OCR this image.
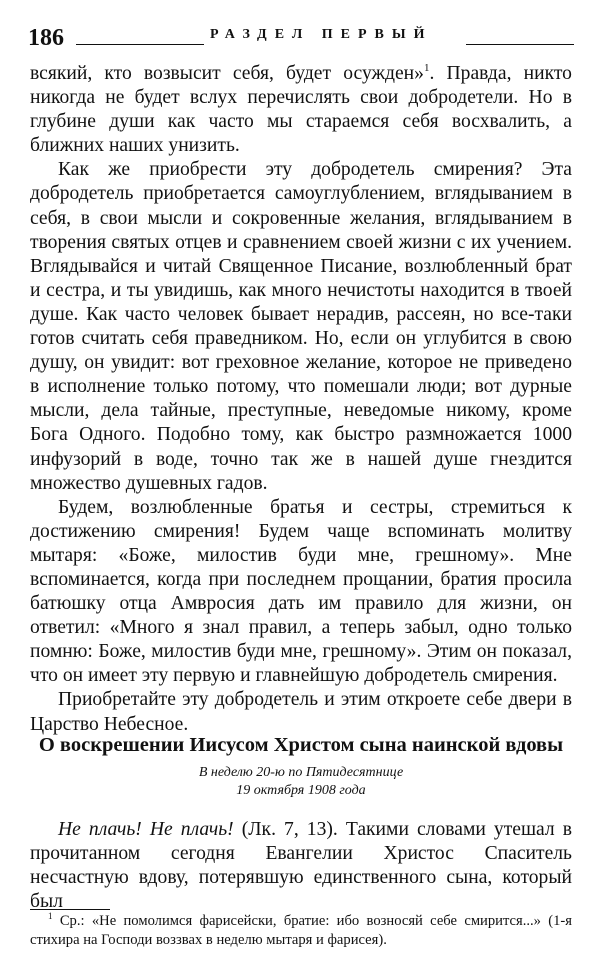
186	РАЗДЕЛ ПЕРВЫЙ

всякий, кто возвысит себя, будет осужден»$^1$. Правда, никто никогда не будет вслух перечислять свои добродетели. Но в глубине души как часто мы стараемся себя восхвалить, а ближних наших унизить.

Как же приобрести эту добродетель смирения? Эта добродетель приобретается самоуглублением, вглядыванием в себя, в свои мысли и сокровенные желания, вглядыванием в творения святых отцев и сравнением своей жизни с их учением. Вглядывайся и читай Священное Писание, возлюбленный брат и сестра, и ты увидишь, как много нечистоты находится в твоей душе. Как часто человек бывает нерадив, рассеян, но все-таки готов считать себя праведником. Но, если он углубится в свою душу, он увидит: вот греховное желание, которое не приведено в исполнение только потому, что помешали люди; вот дурные мысли, дела тайные, преступные, неведомые никому, кроме Бога Одного. Подобно тому, как быстро размножается 1000 инфузорий в воде, точно так же в нашей душе гнездится множество душевных гадов.

Будем, возлюбленные братья и сестры, стремиться к достижению смирения! Будем чаще вспоминать молитву мытаря: «Боже, милостив буди мне, грешному». Мне вспоминается, когда при последнем прощании, братия просила батюшку отца Амвросия дать им правило для жизни, он ответил: «Много я знал правил, а теперь забыл, одно только помню: Боже, милостив буди мне, грешному». Этим он показал, что он имеет эту первую и главнейшую добродетель смирения.

Приобретайте эту добродетель и этим откроете себе двери в Царство Небесное.

О воскрешении Иисусом Христом сына наинской вдовы
В неделю 20-ю по Пятидесятнице
19 октября 1908 года

Не плачь! Не плачь! (Лк. 7, 13). Такими словами утешал в прочитанном сегодня Евангелии Христос Спаситель несчастную вдову, потерявшую единственного сына, который был

$^1$ Ср.: «Не помолимся фарисейски, братие: ибо возносяй себе смирится...» (1-я стихира на Господи воззвах в неделю мытаря и фарисея).
